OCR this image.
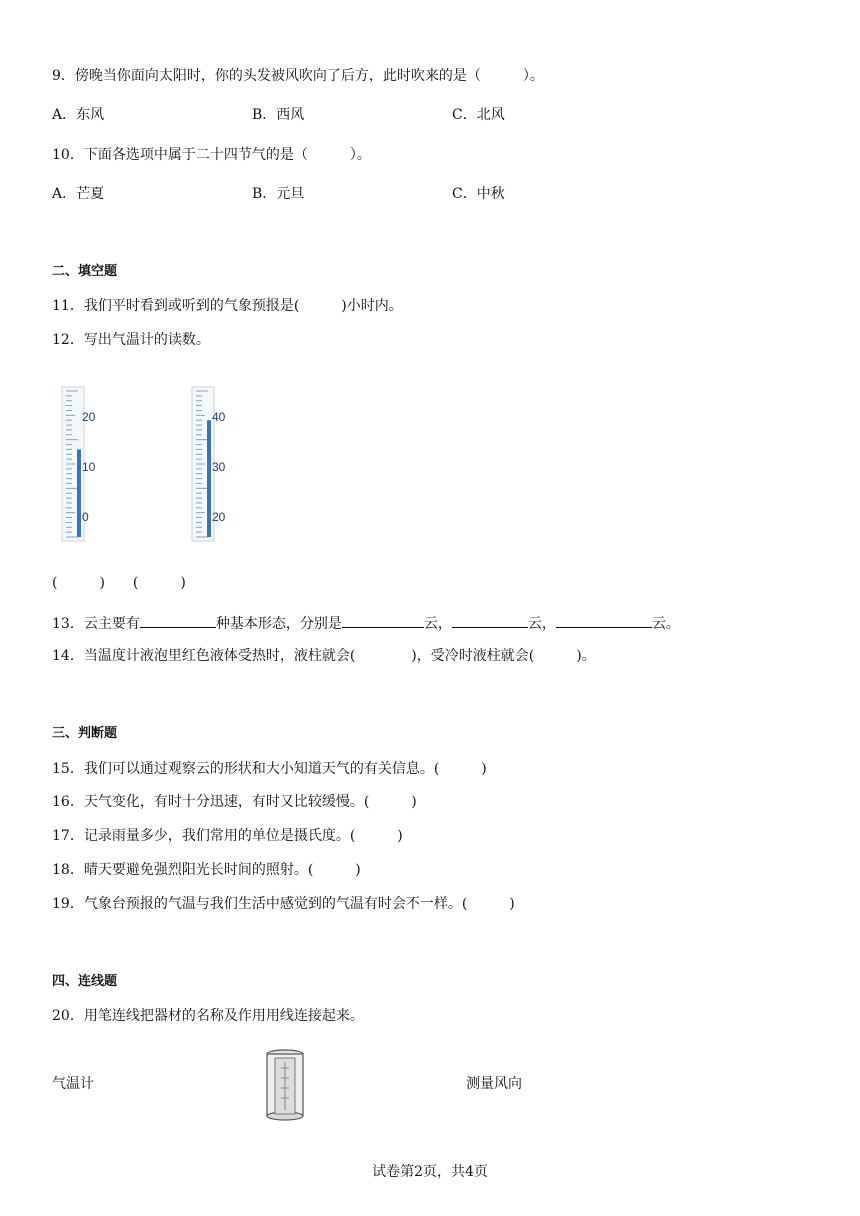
9．傍晚当你面向太阳时，你的头发被风吹向了后方，此时吹来的是（　　　）。
A．东风	B．西风	C．北风
10．下面各选项中属于二十四节气的是（　　　）。
A．芒夏	B．元旦	C．中秋
二、填空题
11．我们平时看到或听到的气象预报是(　　　)小时内。
12．写出气温计的读数。
20
10
0
40
30
20
(　　　)　　(　　　)
13．云主要有	种基本形态，分别是	云，	云，	云。
14．当温度计液泡里红色液体受热时，液柱就会(　　　　)，受冷时液柱就会(　　　)。
三、判断题
15．我们可以通过观察云的形状和大小知道天气的有关信息。(　　　)
16．天气变化，有时十分迅速，有时又比较缓慢。(　　　)
17．记录雨量多少，我们常用的单位是摄氏度。(　　　)
18．晴天要避免强烈阳光长时间的照射。(　　　)
19．气象台预报的气温与我们生活中感觉到的气温有时会不一样。(　　　)
四、连线题
20．用笔连线把器材的名称及作用用线连接起来。
气温计	测量风向
试卷第2页，共4页
